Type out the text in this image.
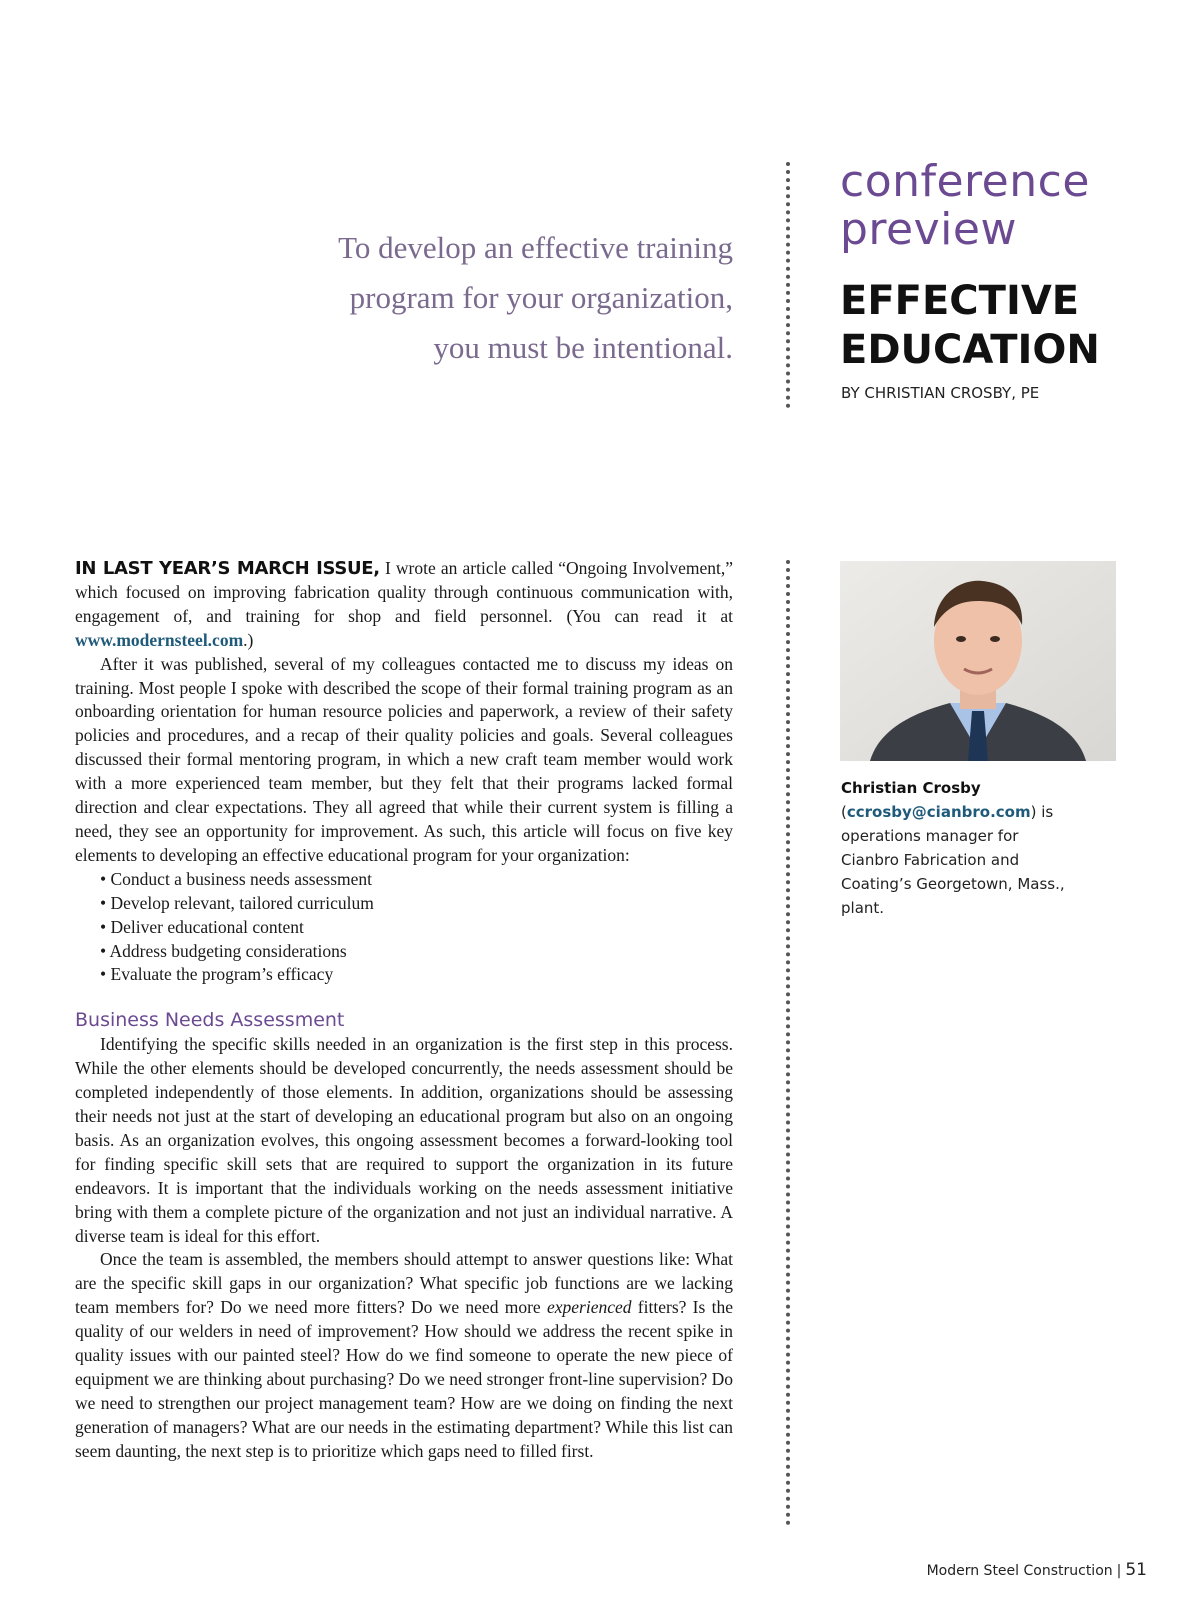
To develop an effective training
program for your organization,
you must be intentional.
conference
preview
EFFECTIVE
EDUCATION
BY CHRISTIAN CROSBY, PE

IN LAST YEAR’S MARCH ISSUE, I wrote an article called “Ongoing Involvement,” which focused on improving fabrication quality through continuous communication with, engagement of, and training for shop and field personnel. (You can read it at www.modernsteel.com.)

After it was published, several of my colleagues contacted me to discuss my ideas on training. Most people I spoke with described the scope of their formal training program as an onboarding orientation for human resource policies and paperwork, a review of their safety policies and procedures, and a recap of their quality policies and goals. Several colleagues discussed their formal mentoring program, in which a new craft team member would work with a more experienced team member, but they felt that their programs lacked formal direction and clear expectations. They all agreed that while their current system is filling a need, they see an opportunity for improvement. As such, this article will focus on five key elements to developing an effective educational program for your organization:

• Conduct a business needs assessment
• Develop relevant, tailored curriculum
• Deliver educational content
• Address budgeting considerations
• Evaluate the program’s efficacy
Business Needs Assessment

Identifying the specific skills needed in an organization is the first step in this process. While the other elements should be developed concurrently, the needs assessment should be completed independently of those elements. In addition, organizations should be assessing their needs not just at the start of developing an educational program but also on an ongoing basis. As an organization evolves, this ongoing assessment becomes a forward-looking tool for finding specific skill sets that are required to support the organization in its future endeavors. It is important that the individuals working on the needs assessment initiative bring with them a complete picture of the organization and not just an individual narrative. A diverse team is ideal for this effort.

Once the team is assembled, the members should attempt to answer questions like: What are the specific skill gaps in our organization? What specific job functions are we lacking team members for? Do we need more fitters? Do we need more experienced fitters? Is the quality of our welders in need of improvement? How should we address the recent spike in quality issues with our painted steel? How do we find someone to operate the new piece of equipment we are thinking about purchasing? Do we need stronger front-line supervision? Do we need to strengthen our project management team? How are we doing on finding the next generation of managers? What are our needs in the estimating department? While this list can seem daunting, the next step is to prioritize which gaps need to filled first.

Christian Crosby (ccrosby@cianbro.com) is operations manager for Cianbro Fabrication and Coating’s Georgetown, Mass., plant.
Modern Steel Construction | 51
